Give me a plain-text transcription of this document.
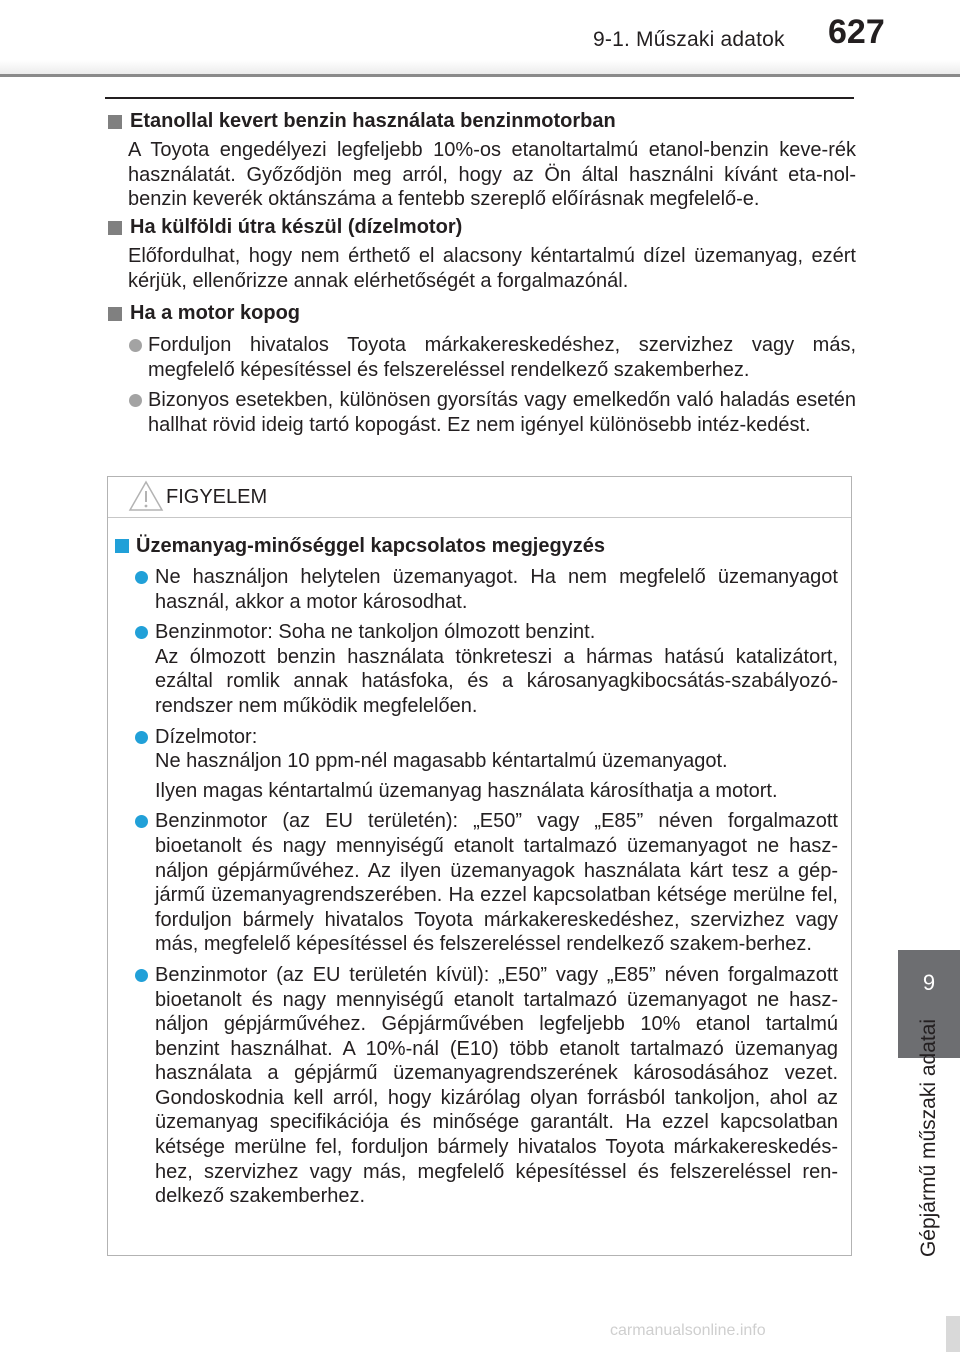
9-1. Műszaki adatok 627
Etanollal kevert benzin használata benzinmotorban
A Toyota engedélyezi legfeljebb 10%-os etanoltartalmú etanol-benzin keve-rék használatát. Győződjön meg arról, hogy az Ön által használni kívánt eta-nol-benzin keverék oktánszáma a fentebb szereplő előírásnak megfelelő-e.
Ha külföldi útra készül (dízelmotor)
Előfordulhat, hogy nem érthető el alacsony kéntartalmú dízel üzemanyag, ezért kérjük, ellenőrizze annak elérhetőségét a forgalmazónál.
Ha a motor kopog
Forduljon hivatalos Toyota márkakereskedéshez, szervizhez vagy más, megfelelő képesítéssel és felszereléssel rendelkező szakemberhez.
Bizonyos esetekben, különösen gyorsítás vagy emelkedőn való haladás esetén hallhat rövid ideig tartó kopogást. Ez nem igényel különösebb intéz-kedést.
FIGYELEM
Üzemanyag-minőséggel kapcsolatos megjegyzés
Ne használjon helytelen üzemanyagot. Ha nem megfelelő üzemanyagot használ, akkor a motor károsodhat.
Benzinmotor: Soha ne tankoljon ólmozott benzint.
Az ólmozott benzin használata tönkreteszi a hármas hatású katalizátort, ezáltal romlik annak hatásfoka, és a károsanyagkibocsátás-szabályozó-rendszer nem működik megfelelően.
Dízelmotor:
Ne használjon 10 ppm-nél magasabb kéntartalmú üzemanyagot.
Ilyen magas kéntartalmú üzemanyag használata károsíthatja a motort.
Benzinmotor (az EU területén): „E50” vagy „E85” néven forgalmazott bioetanolt és nagy mennyiségű etanolt tartalmazó üzemanyagot ne hasz-náljon gépjárművéhez. Az ilyen üzemanyagok használata kárt tesz a gép-jármű üzemanyagrendszerében. Ha ezzel kapcsolatban kétsége merülne fel, forduljon bármely hivatalos Toyota márkakereskedéshez, szervizhez vagy más, megfelelő képesítéssel és felszereléssel rendelkező szakem-berhez.
Benzinmotor (az EU területén kívül): „E50” vagy „E85” néven forgalmazott bioetanolt és nagy mennyiségű etanolt tartalmazó üzemanyagot ne hasz-náljon gépjárművéhez. Gépjárművében legfeljebb 10% etanol tartalmú benzint használhat. A 10%-nál (E10) több etanolt tartalmazó üzemanyag használata a gépjármű üzemanyagrendszerének károsodásához vezet. Gondoskodnia kell arról, hogy kizárólag olyan forrásból tankoljon, ahol az üzemanyag specifikációja és minősége garantált. Ha ezzel kapcsolatban kétsége merülne fel, forduljon bármely hivatalos Toyota márkakereskedés-hez, szervizhez vagy más, megfelelő képesítéssel és felszereléssel ren-delkező szakemberhez.
9
Gépjármű műszaki adatai
carmanualsonline.info
